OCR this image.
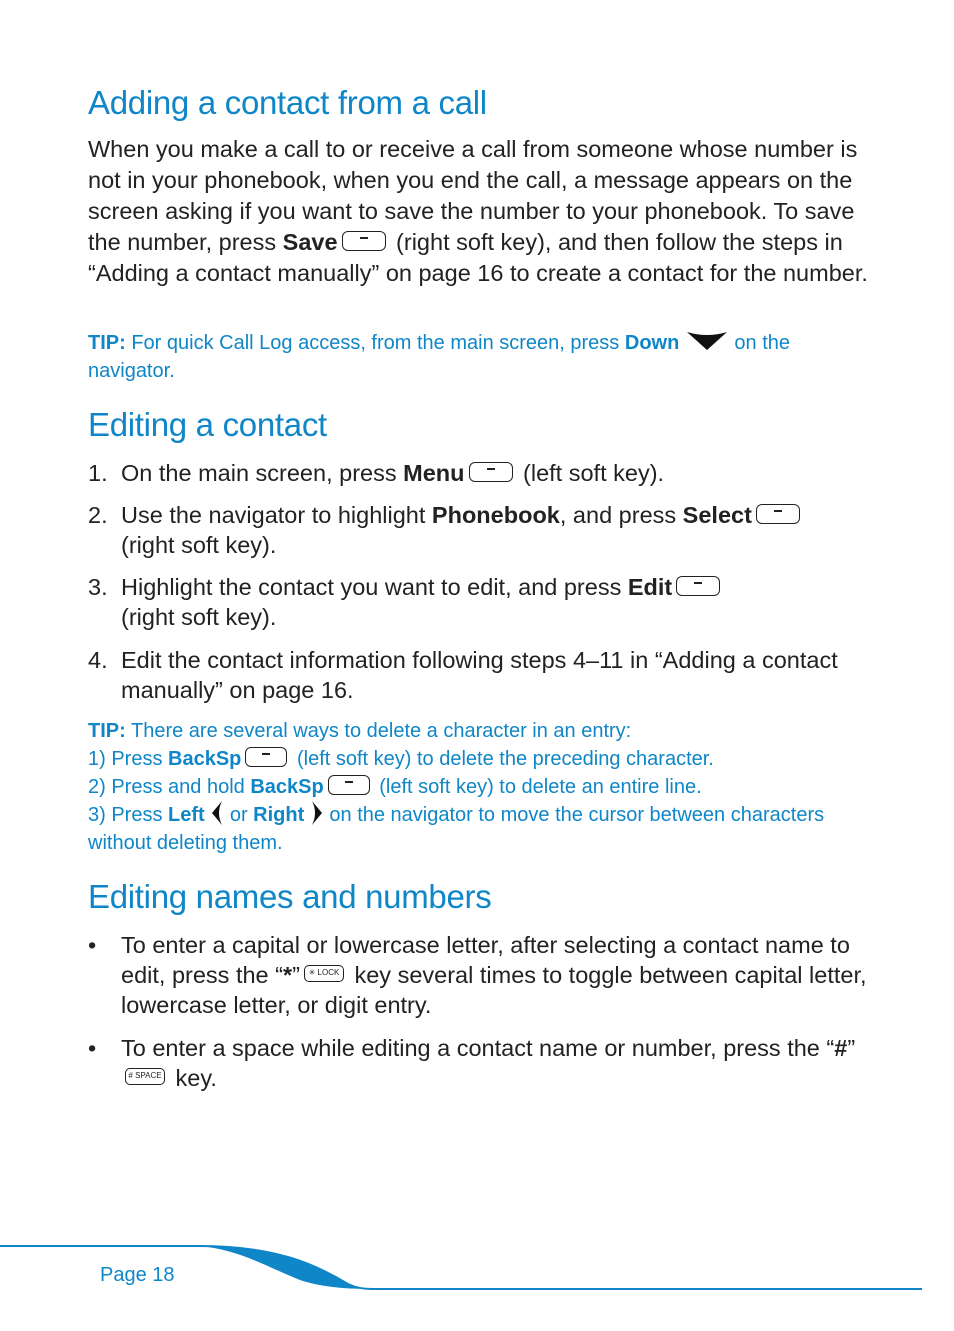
Adding a contact from a call

When you make a call to or receive a call from someone whose number is not in your phonebook, when you end the call, a message appears on the screen asking if you want to save the number to your phonebook. To save the number, press Save (right soft key), and then follow the steps in “Adding a contact manually” on page 16 to create a contact for the number.

TIP: For quick Call Log access, from the main screen, press Down  on the navigator.

Editing a contact
1. On the main screen, press Menu (left soft key).
2. Use the navigator to highlight Phonebook, and press Select
(right soft key).
3. Highlight the contact you want to edit, and press Edit
(right soft key).
4. Edit the contact information following steps 4–11 in “Adding a contact manually” on page 16.
TIP: There are several ways to delete a character in an entry:
1) Press BackSp	(left soft key) to delete the preceding character.
2) Press and hold BackSp	(left soft key) to delete an entire line.
3) Press Left  or Right  on the navigator to move the cursor between characters without deleting them.
Editing names and numbers
•	To enter a capital or lowercase letter, after selecting a contact name to edit, press the “*” ✳ LOCK key several times to toggle between capital letter, lowercase letter, or digit entry.
•	To enter a space while editing a contact name or number, press the “#”# SPACE key.
Page 18
